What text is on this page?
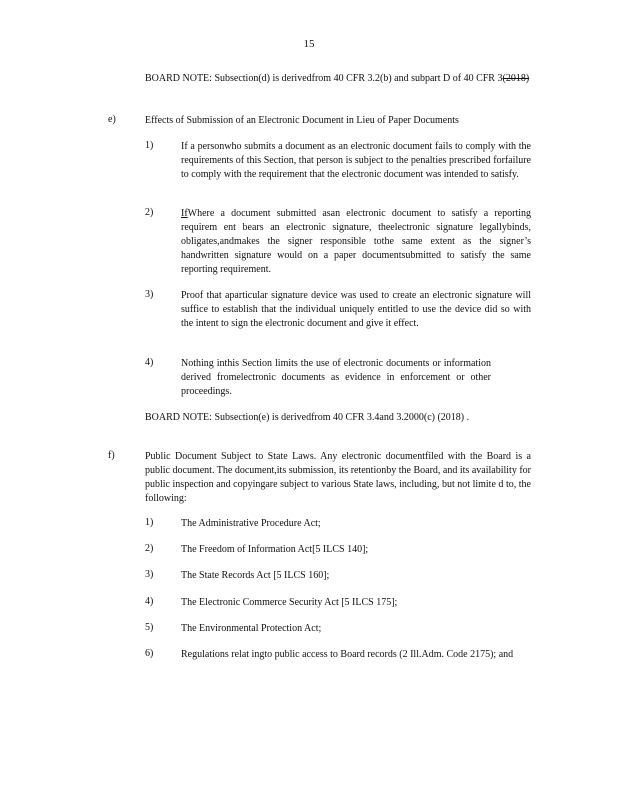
15
BOARD NOTE: Subsection(d) is derivedfrom 40 CFR 3.2(b) and subpart D of 40 CFR 3(2018)
e)	Effects of Submission of an Electronic Document in Lieu of Paper Documents
1)	If a personwho submits a document as an electronic document fails to comply with the requirements of this Section, that person is subject to the penalties prescribed forfailure to comply with the requirement that the electronic document was intended to satisfy.
2)	IfWhere a document submitted asan electronic document to satisfy a reporting requirem ent bears an electronic signature, theelectronic signature legallybinds, obligates,andmakes the signer responsible tothe same extent as the signer’s handwritten signature would on a paper documentsubmitted to satisfy the same reporting requirement.
3)	Proof that aparticular signature device was used to create an electronic signature will suffice to establish that the individual uniquely entitled to use the device did so with the intent to sign the electronic document and give it effect.
4)	Nothing inthis Section limits the use of electronic documents or information derived fromelectronic documents as evidence in enforcement or other proceedings.
BOARD NOTE: Subsection(e) is derivedfrom 40 CFR 3.4and 3.2000(c) (2018) .
f)	Public Document Subject to State Laws. Any electronic documentfiled with the Board is a public document. The document,its submission, its retentionby the Board, and its availability for public inspection and copyingare subject to various State laws, including, but not limite d to, the following:
1)	The Administrative Procedure Act;
2)	The Freedom of Information Act[5 ILCS 140];
3)	The State Records Act [5 ILCS 160];
4)	The Electronic Commerce Security Act [5 ILCS 175];
5)	The Environmental Protection Act;
6)	Regulations relat ingto public access to Board records (2 Ill.Adm. Code 2175); and
